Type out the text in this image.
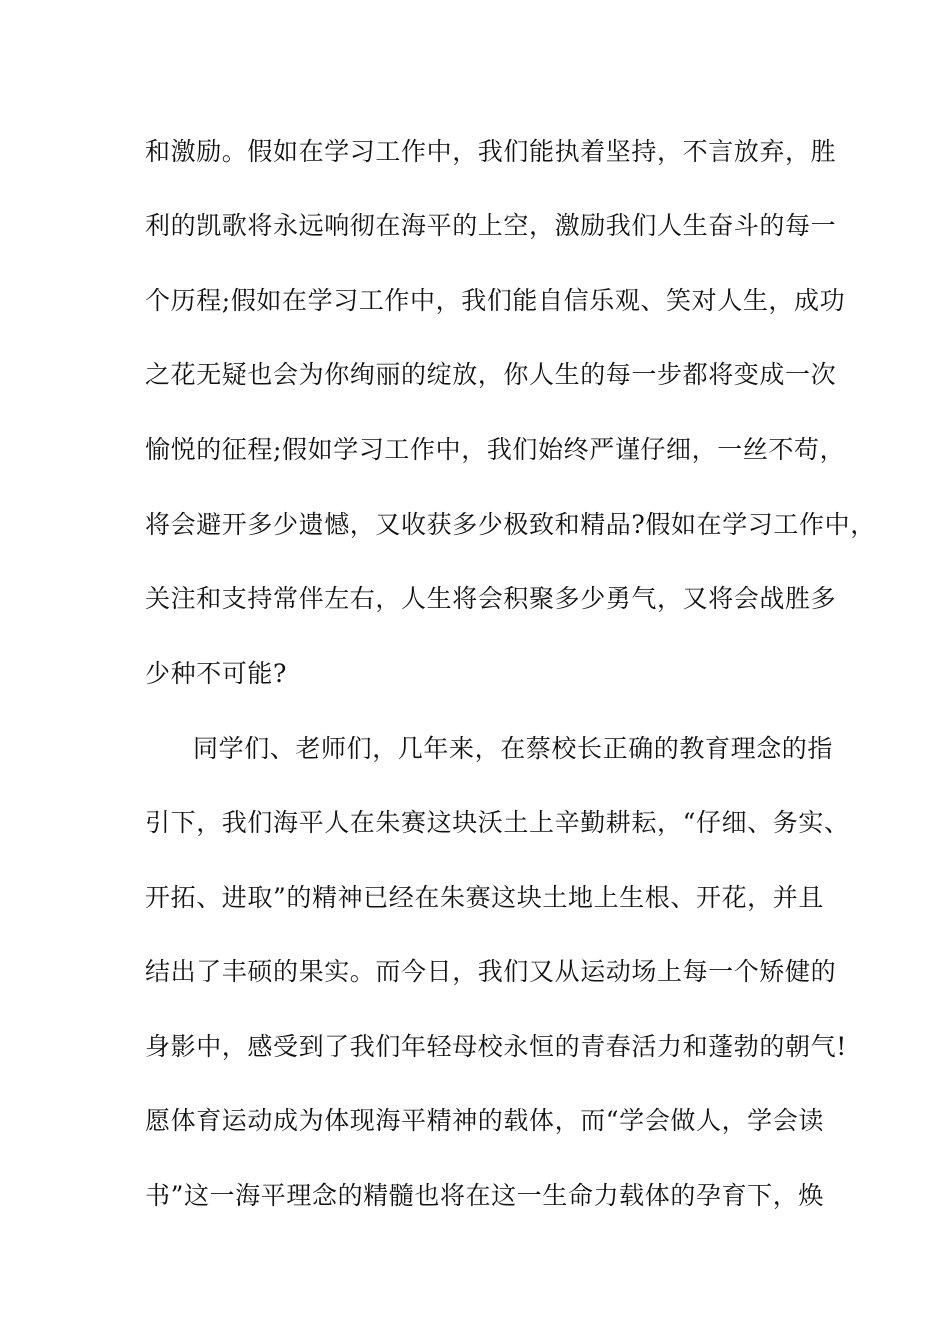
和激励。假如在学习工作中，我们能执着坚持，不言放弃，胜
利的凯歌将永远响彻在海平的上空，激励我们人生奋斗的每一
个历程;假如在学习工作中，我们能自信乐观、笑对人生，成功
之花无疑也会为你绚丽的绽放，你人生的每一步都将变成一次
愉悦的征程;假如学习工作中，我们始终严谨仔细，一丝不苟，
将会避开多少遗憾，又收获多少极致和精品?假如在学习工作中，
关注和支持常伴左右，人生将会积聚多少勇气，又将会战胜多
少种不可能?
同学们、老师们，几年来，在蔡校长正确的教育理念的指
引下，我们海平人在朱赛这块沃土上辛勤耕耘，“仔细、务实、
开拓、进取”的精神已经在朱赛这块土地上生根、开花，并且
结出了丰硕的果实。而今日，我们又从运动场上每一个矫健的
身影中，感受到了我们年轻母校永恒的青春活力和蓬勃的朝气!
愿体育运动成为体现海平精神的载体，而“学会做人，学会读
书”这一海平理念的精髓也将在这一生命力载体的孕育下，焕
